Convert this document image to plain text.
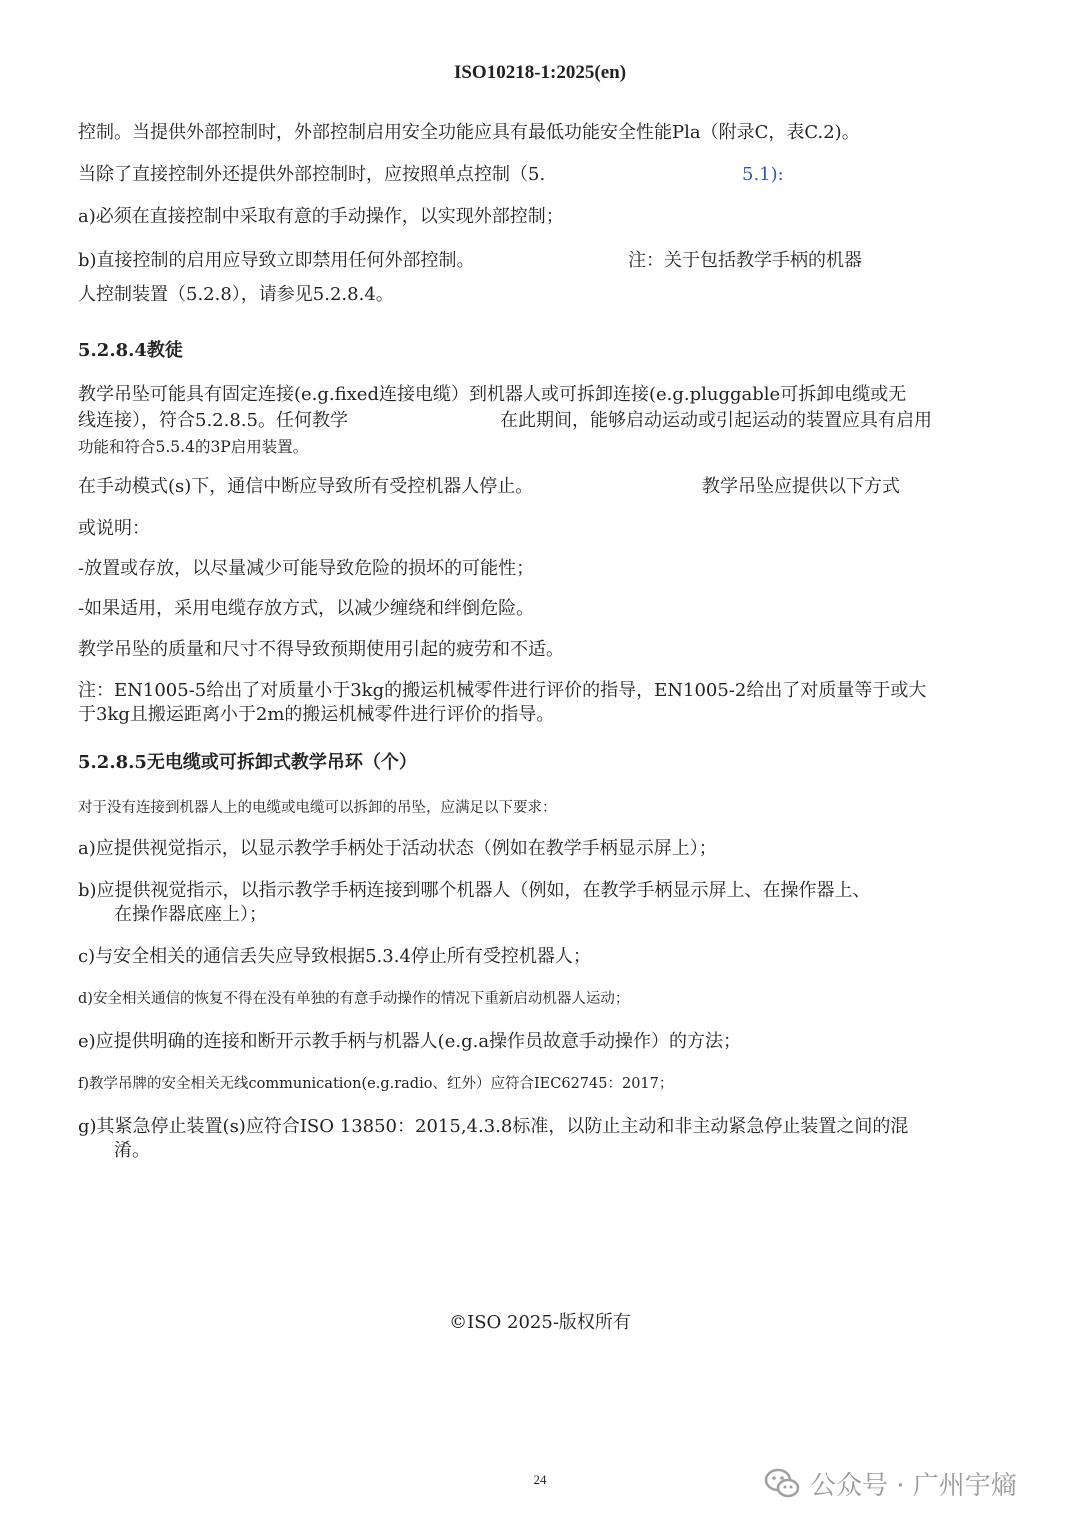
ISO10218-1:2025(en)
控制。当提供外部控制时，外部控制启用安全功能应具有最低功能安全性能Pla（附录C，表C.2)。
当除了直接控制外还提供外部控制时，应按照单点控制（5.	5.1):
a)必须在直接控制中采取有意的手动操作，以实现外部控制；
b)直接控制的启用应导致立即禁用任何外部控制。	注：关于包括教学手柄的机器
人控制装置（5.2.8），请参见5.2.8.4。
5.2.8.4教徒
教学吊坠可能具有固定连接(e.g.fixed连接电缆）到机器人或可拆卸连接(e.g.pluggable可拆卸电缆或无
线连接），符合5.2.8.5。任何教学	在此期间，能够启动运动或引起运动的装置应具有启用
功能和符合5.5.4的3P启用装置。
在手动模式(s)下，通信中断应导致所有受控机器人停止。	教学吊坠应提供以下方式
或说明：
-放置或存放，以尽量减少可能导致危险的损坏的可能性；
-如果适用，采用电缆存放方式，以减少缠绕和绊倒危险。
教学吊坠的质量和尺寸不得导致预期使用引起的疲劳和不适。
注：EN1005-5给出了对质量小于3kg的搬运机械零件进行评价的指导，EN1005-2给出了对质量等于或大
于3kg且搬运距离小于2m的搬运机械零件进行评价的指导。
5.2.8.5无电缆或可拆卸式教学吊环（个）
对于没有连接到机器人上的电缆或电缆可以拆卸的吊坠，应满足以下要求：
a)应提供视觉指示，以显示教学手柄处于活动状态（例如在教学手柄显示屏上）；
b)应提供视觉指示，以指示教学手柄连接到哪个机器人（例如，在教学手柄显示屏上、在操作器上、
在操作器底座上）；
c)与安全相关的通信丢失应导致根据5.3.4停止所有受控机器人；
d)安全相关通信的恢复不得在没有单独的有意手动操作的情况下重新启动机器人运动；
e)应提供明确的连接和断开示教手柄与机器人(e.g.a操作员故意手动操作）的方法；
f)教学吊牌的安全相关无线communication(e.g.radio、红外）应符合IEC62745：2017；
g)其紧急停止装置(s)应符合ISO 13850：2015,4.3.8标准，以防止主动和非主动紧急停止装置之间的混
淆。
©ISO 2025-版权所有
24	公众号 · 广州宇熵
